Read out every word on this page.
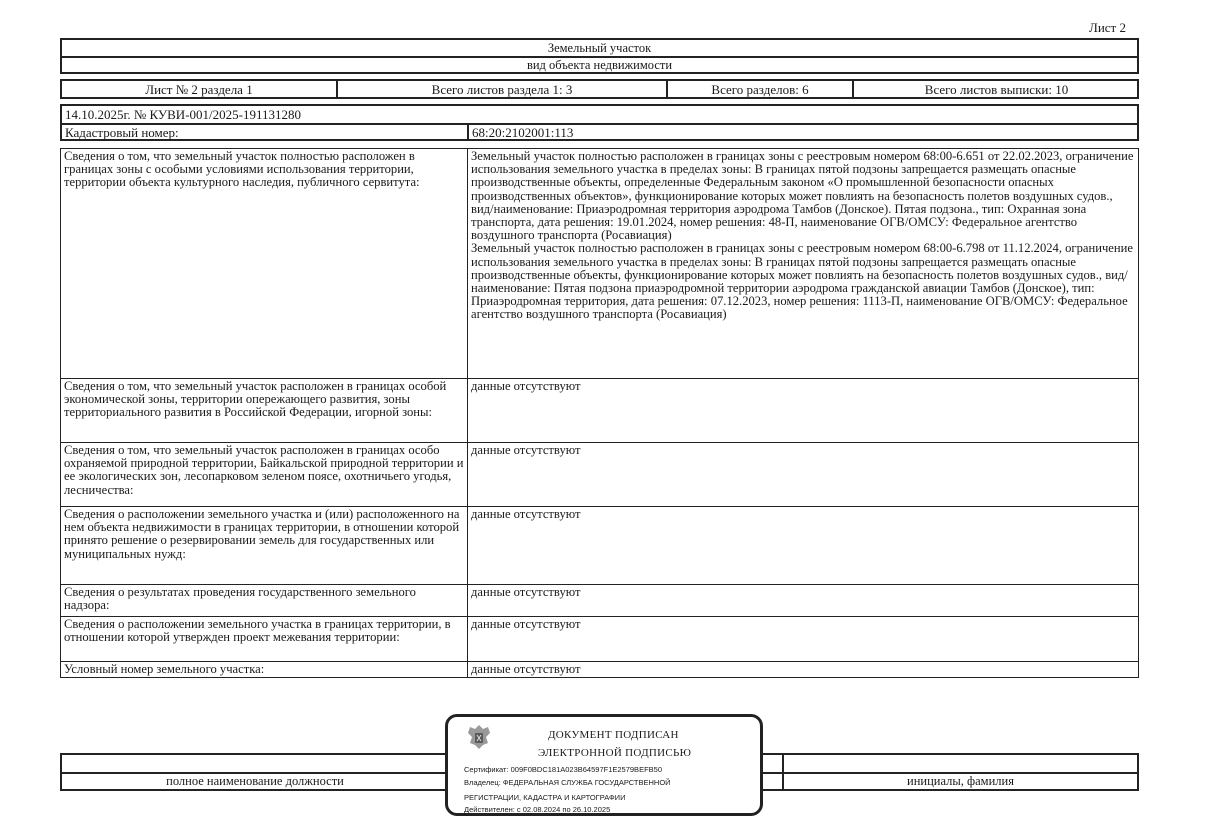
Лист 2
Земельный участок
вид объекта недвижимости
Лист № 2 раздела 1	Всего листов раздела 1: 3	Всего разделов: 6	Всего листов выписки: 10
14.10.2025г. № КУВИ-001/2025-191131280
Кадастровый номер:	68:20:2102001:113
Сведения о том, что земельный участок полностью расположен в границах зоны с особыми условиями использования территории, территории объекта культурного наследия, публичного сервитута:	Земельный участок полностью расположен в границах зоны с реестровым номером 68:00-6.651 от 22.02.2023, ограничение использования земельного участка в пределах зоны: В границах пятой подзоны запрещается размещать опасные производственные объекты, определенные Федеральным законом «О промышленной безопасности опасных производственных объектов», функционирование которых может повлиять на безопасность полетов воздушных судов., вид/наименование: Приаэродромная территория аэродрома Тамбов (Донское). Пятая подзона., тип: Охранная зона транспорта, дата решения: 19.01.2024, номер решения: 48-П, наименование ОГВ/ОМСУ: Федеральное агентство воздушного транспорта (Росавиация)
Земельный участок полностью расположен в границах зоны с реестровым номером 68:00-6.798 от 11.12.2024, ограничение использования земельного участка в пределах зоны: В границах пятой подзоны запрещается размещать опасные производственные объекты, функционирование которых может повлиять на безопасность полетов воздушных судов., вид/наименование: Пятая подзона приаэродромной территории аэродрома гражданской авиации Тамбов (Донское), тип: Приаэродромная территория, дата решения: 07.12.2023, номер решения: 1113-П, наименование ОГВ/ОМСУ: Федеральное агентство воздушного транспорта (Росавиация)

Сведения о том, что земельный участок расположен в границах особой экономической зоны, территории опережающего развития, зоны территориального развития в Российской Федерации, игорной зоны:	данные отсутствуют
Сведения о том, что земельный участок расположен в границах особо охраняемой природной территории, Байкальской природной территории и ее экологических зон, лесопарковом зеленом поясе, охотничьего угодья, лесничества:	данные отсутствуют
Сведения о расположении земельного участка и (или) расположенного на нем объекта недвижимости в границах территории, в отношении которой принято решение о резервировании земель для государственных или муниципальных нужд:	данные отсутствуют
Сведения о результатах проведения государственного земельного надзора:	данные отсутствуют
Сведения о расположении земельного участка в границах территории, в отношении которой утвержден проект межевания территории:	данные отсутствуют
Условный номер земельного участка:	данные отсутствуют
полное наименование должности	инициалы, фамилия
ДОКУМЕНТ ПОДПИСАН
ЭЛЕКТРОННОЙ ПОДПИСЬЮ
Сертификат: 009F0BDC181A023B64597F1E2579BEFB50
Владелец: ФЕДЕРАЛЬНАЯ СЛУЖБА ГОСУДАРСТВЕННОЙ
РЕГИСТРАЦИИ, КАДАСТРА И КАРТОГРАФИИ
Действителен: с 02.08.2024 по 26.10.2025
